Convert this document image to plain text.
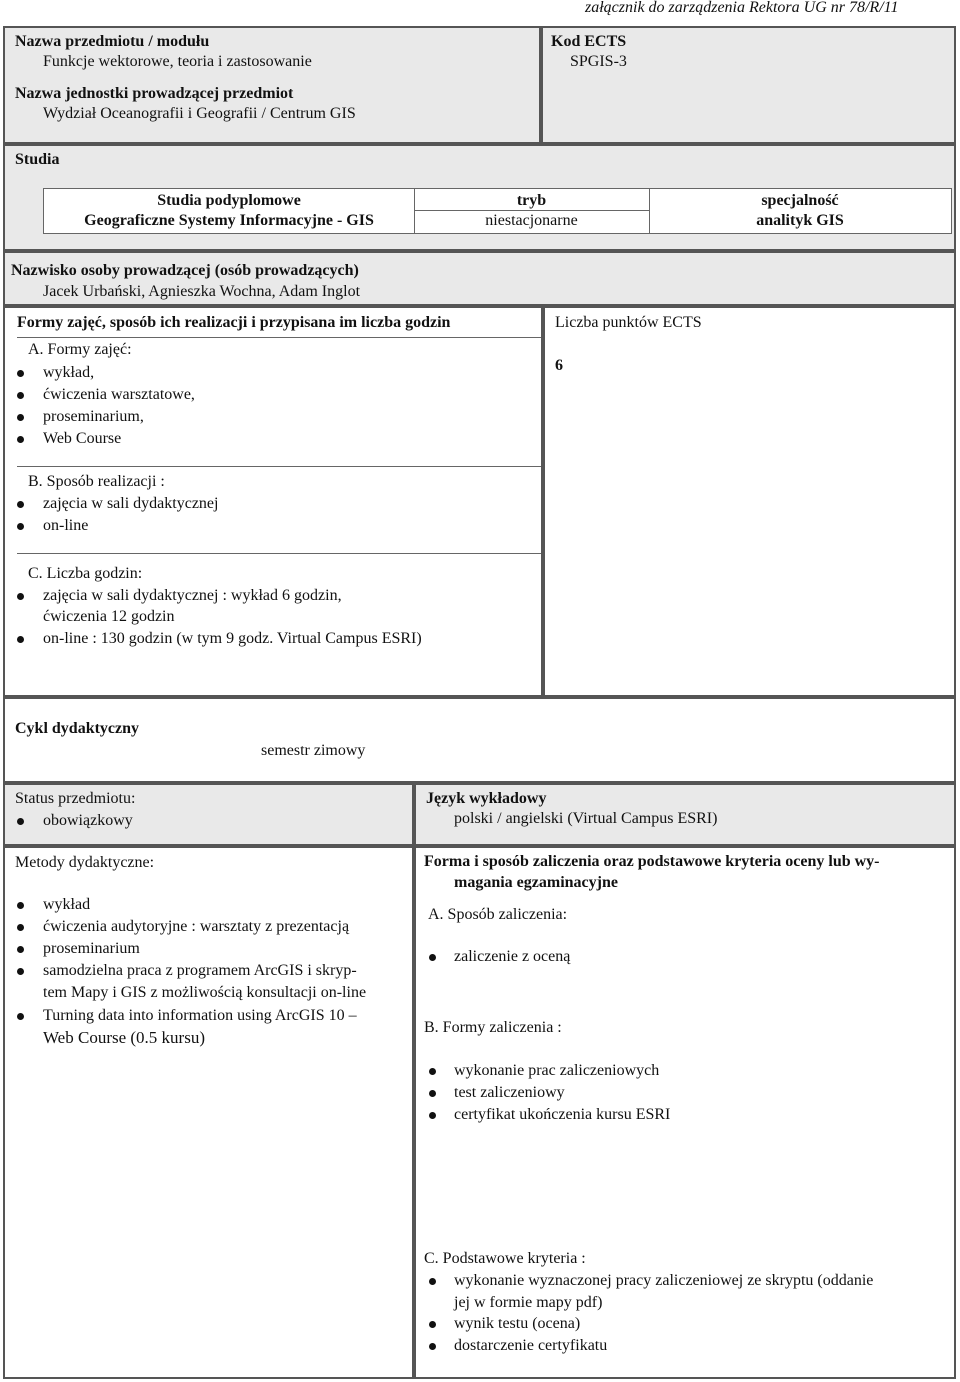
załącznik do zarządzenia Rektora UG nr 78/R/11
Nazwa przedmiotu / modułu
Funkcje wektorowe, teoria i zastosowanie
Nazwa jednostki prowadzącej przedmiot
Wydział Oceanografii i Geografii / Centrum GIS
Kod ECTS
SPGIS-3
Studia
Studia podyplomowe
Geograficzne Systemy Informacyjne - GIS
tryb
niestacjonarne
specjalność
analityk GIS
Nazwisko osoby prowadzącej (osób prowadzących)
Jacek Urbański, Agnieszka Wochna, Adam Inglot
Formy zajęć, sposób ich realizacji i przypisana im liczba godzin
A. Formy zajęć:
wykład,
ćwiczenia warsztatowe,
proseminarium,
Web Course
B. Sposób realizacji :
zajęcia w sali dydaktycznej
on-line
C. Liczba godzin:
zajęcia w sali dydaktycznej : wykład 6 godzin,
ćwiczenia 12 godzin
on-line : 130 godzin (w tym 9 godz. Virtual Campus ESRI)
Liczba punktów ECTS
6
Cykl dydaktyczny
semestr zimowy
Status przedmiotu:
obowiązkowy
Język wykładowy
polski / angielski (Virtual Campus ESRI)
Metody dydaktyczne:
wykład
ćwiczenia audytoryjne : warsztaty z prezentacją
proseminarium
samodzielna praca z programem ArcGIS i skryp-
tem Mapy i GIS z możliwością konsultacji on-line
Turning data into information using ArcGIS 10 –
Web Course (0.5 kursu)
Forma i sposób zaliczenia oraz podstawowe kryteria oceny lub wy-
magania egzaminacyjne
A. Sposób zaliczenia:
zaliczenie z oceną
B. Formy zaliczenia :
wykonanie prac zaliczeniowych
test zaliczeniowy
certyfikat ukończenia kursu ESRI
C. Podstawowe kryteria :
wykonanie wyznaczonej pracy zaliczeniowej ze skryptu (oddanie
jej w formie mapy pdf)
wynik testu (ocena)
dostarczenie certyfikatu
